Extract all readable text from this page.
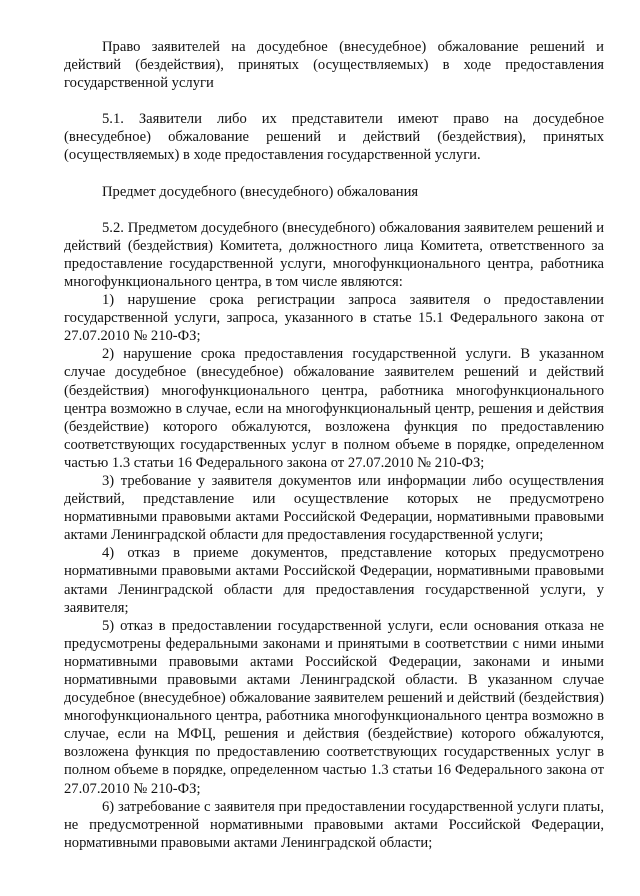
Право заявителей на досудебное (внесудебное) обжалование решений и действий (бездействия), принятых (осуществляемых) в ходе предоставления государственной услуги

5.1. Заявители либо их представители имеют право на досудебное (внесудебное) обжалование решений и действий (бездействия), принятых (осуществляемых) в ходе предоставления государственной услуги.

Предмет досудебного (внесудебного) обжалования

5.2. Предметом досудебного (внесудебного) обжалования заявителем решений и действий (бездействия) Комитета, должностного лица Комитета, ответственного за предоставление государственной услуги, многофункционального центра, работника многофункционального центра, в том числе являются:

1) нарушение срока регистрации запроса заявителя о предоставлении государственной услуги, запроса, указанного в статье 15.1 Федерального закона от 27.07.2010 № 210-ФЗ;

2) нарушение срока предоставления государственной услуги. В указанном случае досудебное (внесудебное) обжалование заявителем решений и действий (бездействия) многофункционального центра, работника многофункционального центра возможно в случае, если на многофункциональный центр, решения и действия (бездействие) которого обжалуются, возложена функция по предоставлению соответствующих государственных услуг в полном объеме в порядке, определенном частью 1.3 статьи 16 Федерального закона от 27.07.2010 № 210-ФЗ;

3) требование у заявителя документов или информации либо осуществления действий, представление или осуществление которых не предусмотрено нормативными правовыми актами Российской Федерации, нормативными правовыми актами Ленинградской области для предоставления государственной услуги;

4) отказ в приеме документов, представление которых предусмотрено нормативными правовыми актами Российской Федерации, нормативными правовыми актами Ленинградской области для предоставления государственной услуги, у заявителя;

5) отказ в предоставлении государственной услуги, если основания отказа не предусмотрены федеральными законами и принятыми в соответствии с ними иными нормативными правовыми актами Российской Федерации, законами и иными нормативными правовыми актами Ленинградской области. В указанном случае досудебное (внесудебное) обжалование заявителем решений и действий (бездействия) многофункционального центра, работника многофункционального центра возможно в случае, если на МФЦ, решения и действия (бездействие) которого обжалуются, возложена функция по предоставлению соответствующих государственных услуг в полном объеме в порядке, определенном частью 1.3 статьи 16 Федерального закона от 27.07.2010 № 210-ФЗ;

6) затребование с заявителя при предоставлении государственной услуги платы, не предусмотренной нормативными правовыми актами Российской Федерации, нормативными правовыми актами Ленинградской области;
